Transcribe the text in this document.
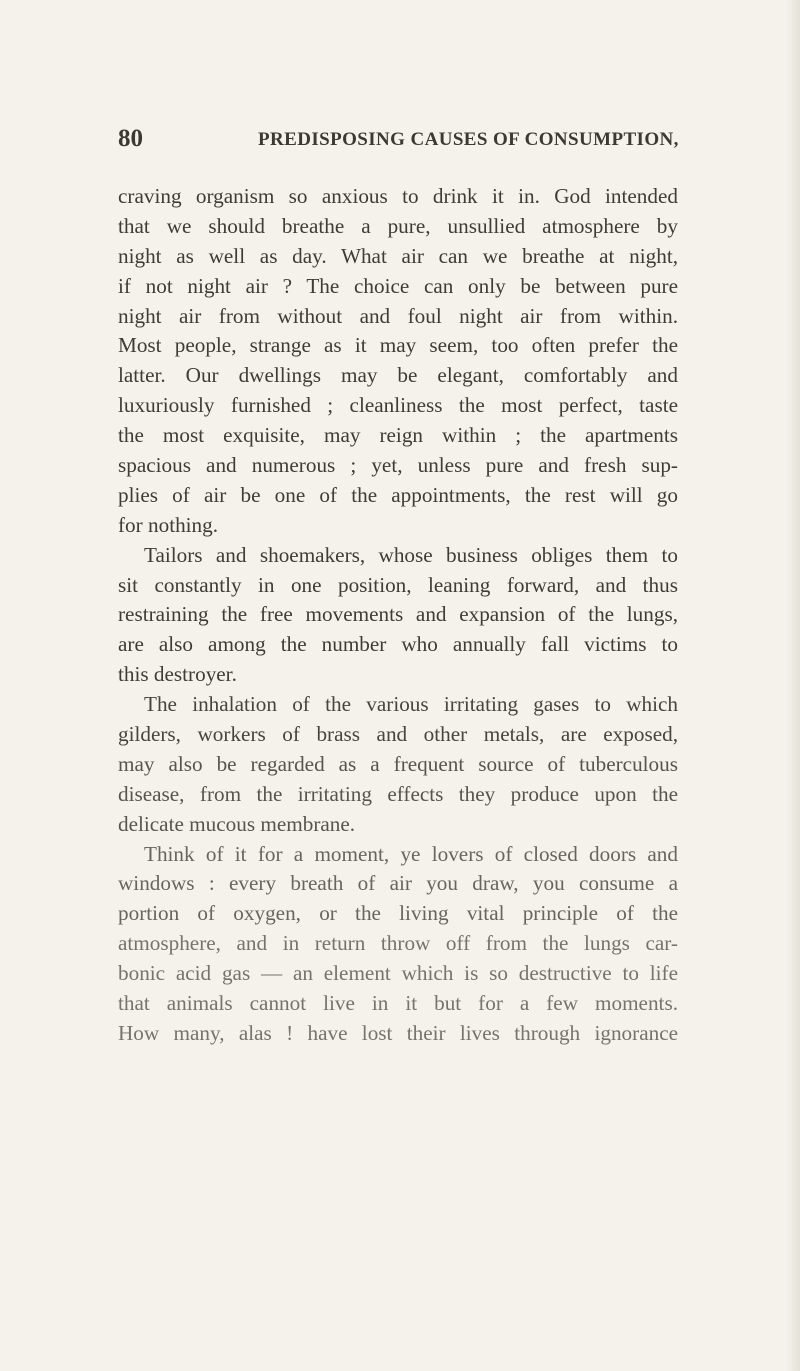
80	PREDISPOSING CAUSES OF CONSUMPTION,
craving organism so anxious to drink it in. God intended
that we should breathe a pure, unsullied atmosphere by
night as well as day. What air can we breathe at night,
if not night air ? The choice can only be between pure
night air from without and foul night air from within.
Most people, strange as it may seem, too often prefer the
latter. Our dwellings may be elegant, comfortably and
luxuriously furnished ; cleanliness the most perfect, taste
the most exquisite, may reign within ; the apartments
spacious and numerous ; yet, unless pure and fresh sup-
plies of air be one of the appointments, the rest will go
for nothing.
Tailors and shoemakers, whose business obliges them to
sit constantly in one position, leaning forward, and thus
restraining the free movements and expansion of the lungs,
are also among the number who annually fall victims to
this destroyer.
The inhalation of the various irritating gases to which
gilders, workers of brass and other metals, are exposed,
may also be regarded as a frequent source of tuberculous
disease, from the irritating effects they produce upon the
delicate mucous membrane.
Think of it for a moment, ye lovers of closed doors and
windows : every breath of air you draw, you consume a
portion of oxygen, or the living vital principle of the
atmosphere, and in return throw off from the lungs car-
bonic acid gas — an element which is so destructive to life
that animals cannot live in it but for a few moments.
How many, alas ! have lost their lives through ignorance
